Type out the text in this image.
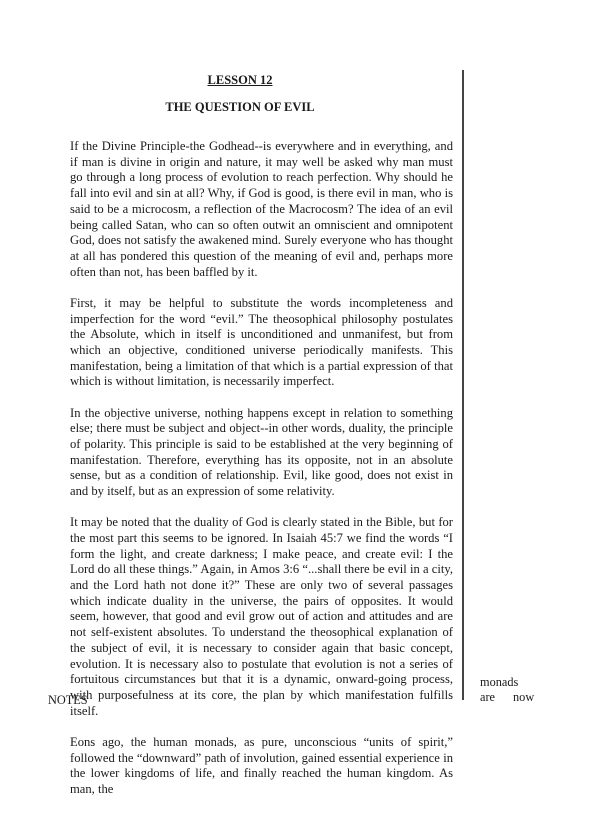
LESSON 12
THE QUESTION OF EVIL

If the Divine Principle-the Godhead--is everywhere and in everything, and if man is divine in origin and nature, it may well be asked why man must go through a long process of evolution to reach perfection. Why should he fall into evil and sin at all? Why, if God is good, is there evil in man, who is said to be a microcosm, a reflection of the Macrocosm? The idea of an evil being called Satan, who can so often outwit an omniscient and omnipotent God, does not satisfy the awakened mind. Surely everyone who has thought at all has pondered this question of the meaning of evil and, perhaps more often than not, has been baffled by it.

First, it may be helpful to substitute the words incompleteness and imperfection for the word “evil.” The theosophical philosophy postulates the Absolute, which in itself is unconditioned and unmanifest, but from which an objective, conditioned universe periodically manifests. This manifestation, being a limitation of that which is a partial expression of that which is without limitation, is necessarily imperfect.

In the objective universe, nothing happens except in relation to something else; there must be subject and object--in other words, duality, the principle of polarity. This principle is said to be established at the very beginning of manifestation. Therefore, everything has its opposite, not in an absolute sense, but as a condition of relationship. Evil, like good, does not exist in and by itself, but as an expression of some relativity.

It may be noted that the duality of God is clearly stated in the Bible, but for the most part this seems to be ignored. In Isaiah 45:7 we find the words “I form the light, and create darkness; I make peace, and create evil: I the Lord do all these things.” Again, in Amos 3:6 “...shall there be evil in a city, and the Lord hath not done it?” These are only two of several passages which indicate duality in the universe, the pairs of opposites. It would seem, however, that good and evil grow out of action and attitudes and are not self-existent absolutes. To understand the theosophical explanation of the subject of evil, it is necessary to consider again that basic concept, evolution. It is necessary also to postulate that evolution is not a series of fortuitous circumstances but that it is a dynamic, onward-going process, with purposefulness at its core, the plan by which manifestation fulfills itself.

Eons ago, the human monads, as pure, unconscious “units of spirit,” followed the “downward” path of involution, gained essential experience in the lower kingdoms of life, and finally reached the human kingdom. As man, the

NOTES
monads
are now
